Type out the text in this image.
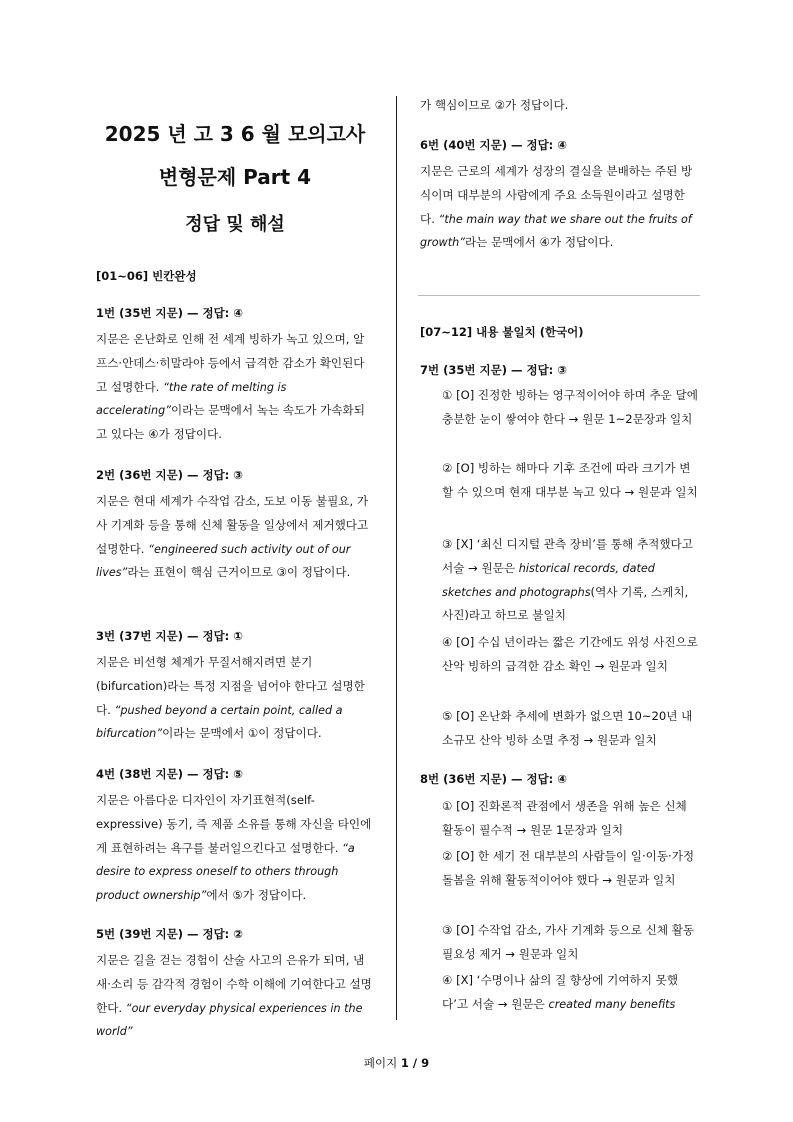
2025 년 고 3 6 월 모의고사
변형문제 Part 4
정답 및 해설
[01~06] 빈칸완성
1번 (35번 지문) — 정답: ④

지문은 온난화로 인해 전 세계 빙하가 녹고 있으며, 알프스·안데스·히말라야 등에서 급격한 감소가 확인된다고 설명한다. “the rate of melting is accelerating”이라는 문맥에서 녹는 속도가 가속화되고 있다는 ④가 정답이다.

2번 (36번 지문) — 정답: ③

지문은 현대 세계가 수작업 감소, 도보 이동 불필요, 가사 기계화 등을 통해 신체 활동을 일상에서 제거했다고 설명한다. “engineered such activity out of our lives”라는 표현이 핵심 근거이므로 ③이 정답이다.

3번 (37번 지문) — 정답: ①

지문은 비선형 체계가 무질서해지려면 분기(bifurcation)라는 특정 지점을 넘어야 한다고 설명한다. “pushed beyond a certain point, called a bifurcation”이라는 문맥에서 ①이 정답이다.

4번 (38번 지문) — 정답: ⑤

지문은 아름다운 디자인이 자기표현적(self-expressive) 동기, 즉 제품 소유를 통해 자신을 타인에게 표현하려는 욕구를 불러일으킨다고 설명한다. “a desire to express oneself to others through product ownership”에서 ⑤가 정답이다.

5번 (39번 지문) — 정답: ②

지문은 길을 걷는 경험이 산술 사고의 은유가 되며, 냄새·소리 등 감각적 경험이 수학 이해에 기여한다고 설명한다. “our everyday physical experiences in the world”

가 핵심이므로 ②가 정답이다.

6번 (40번 지문) — 정답: ④

지문은 근로의 세계가 성장의 결실을 분배하는 주된 방식이며 대부분의 사람에게 주요 소득원이라고 설명한다. “the main way that we share out the fruits of growth”라는 문맥에서 ④가 정답이다.

[07~12] 내용 불일치 (한국어)
7번 (35번 지문) — 정답: ③

① [O] 진정한 빙하는 영구적이어야 하며 추운 달에 충분한 눈이 쌓여야 한다 → 원문 1~2문장과 일치

② [O] 빙하는 해마다 기후 조건에 따라 크기가 변할 수 있으며 현재 대부분 녹고 있다 → 원문과 일치

③ [X] ‘최신 디지털 관측 장비’를 통해 추적했다고 서술 → 원문은 historical records, dated sketches and photographs(역사 기록, 스케치, 사진)라고 하므로 불일치

④ [O] 수십 년이라는 짧은 기간에도 위성 사진으로 산악 빙하의 급격한 감소 확인 → 원문과 일치

⑤ [O] 온난화 추세에 변화가 없으면 10~20년 내 소규모 산악 빙하 소멸 추정 → 원문과 일치

8번 (36번 지문) — 정답: ④

① [O] 진화론적 관점에서 생존을 위해 높은 신체 활동이 필수적 → 원문 1문장과 일치

② [O] 한 세기 전 대부분의 사람들이 일·이동·가정 돌봄을 위해 활동적이어야 했다 → 원문과 일치

③ [O] 수작업 감소, 가사 기계화 등으로 신체 활동 필요성 제거 → 원문과 일치

④ [X] ‘수명이나 삶의 질 향상에 기여하지 못했다’고 서술 → 원문은 created many benefits

페이지 1 / 9
